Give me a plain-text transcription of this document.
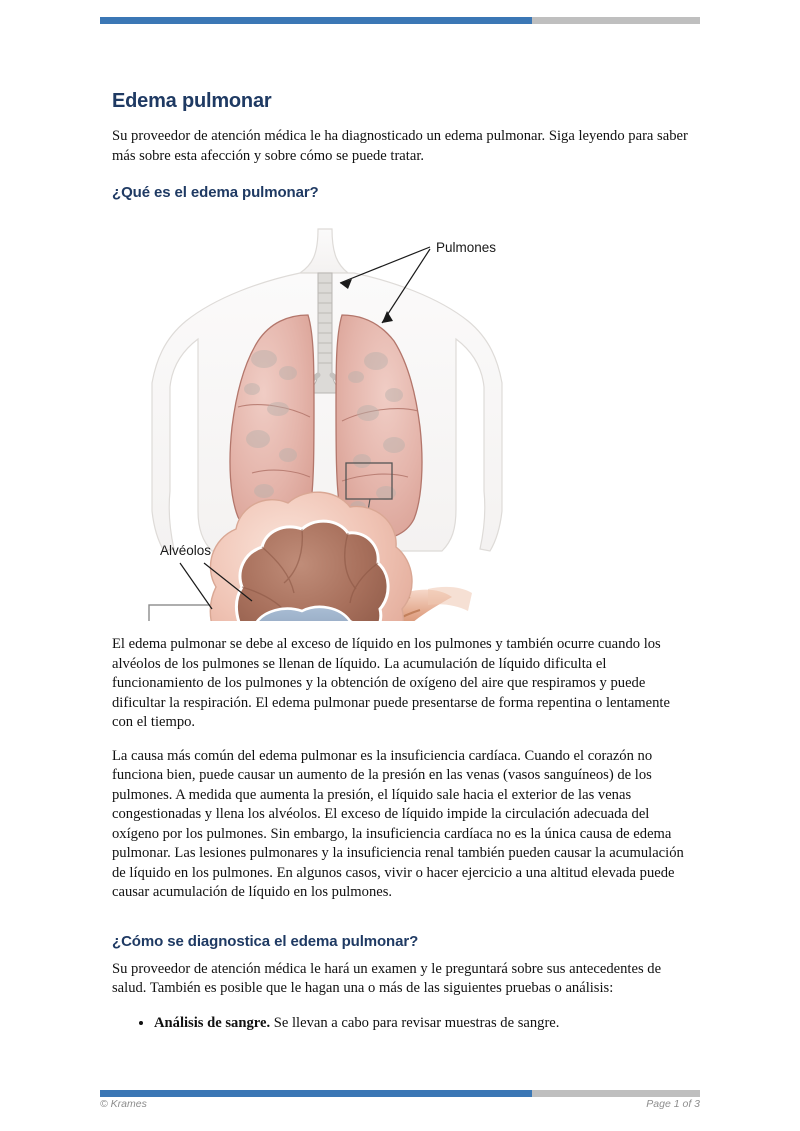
Edema pulmonar

Su proveedor de atención médica le ha diagnosticado un edema pulmonar. Siga leyendo para saber más sobre esta afección y sobre cómo se puede tratar.

¿Qué es el edema pulmonar?
Pulmones
Alvéolos

El edema pulmonar se debe al exceso de líquido en los pulmones y también ocurre cuando los alvéolos de los pulmones se llenan de líquido. La acumulación de líquido dificulta el funcionamiento de los pulmones y la obtención de oxígeno del aire que respiramos y puede dificultar la respiración. El edema pulmonar puede presentarse de forma repentina o lentamente con el tiempo.

La causa más común del edema pulmonar es la insuficiencia cardíaca. Cuando el corazón no funciona bien, puede causar un aumento de la presión en las venas (vasos sanguíneos) de los pulmones. A medida que aumenta la presión, el líquido sale hacia el exterior de las venas congestionadas y llena los alvéolos. El exceso de líquido impide la circulación adecuada del oxígeno por los pulmones. Sin embargo, la insuficiencia cardíaca no es la única causa de edema pulmonar. Las lesiones pulmonares y la insuficiencia renal también pueden causar la acumulación de líquido en los pulmones. En algunos casos, vivir o hacer ejercicio a una altitud elevada puede causar acumulación de líquido en los pulmones.

¿Cómo se diagnostica el edema pulmonar?

Su proveedor de atención médica le hará un examen y le preguntará sobre sus antecedentes de salud. También es posible que le hagan una o más de las siguientes pruebas o análisis:

• Análisis de sangre. Se llevan a cabo para revisar muestras de sangre.
© Krames	Page 1 of 3
